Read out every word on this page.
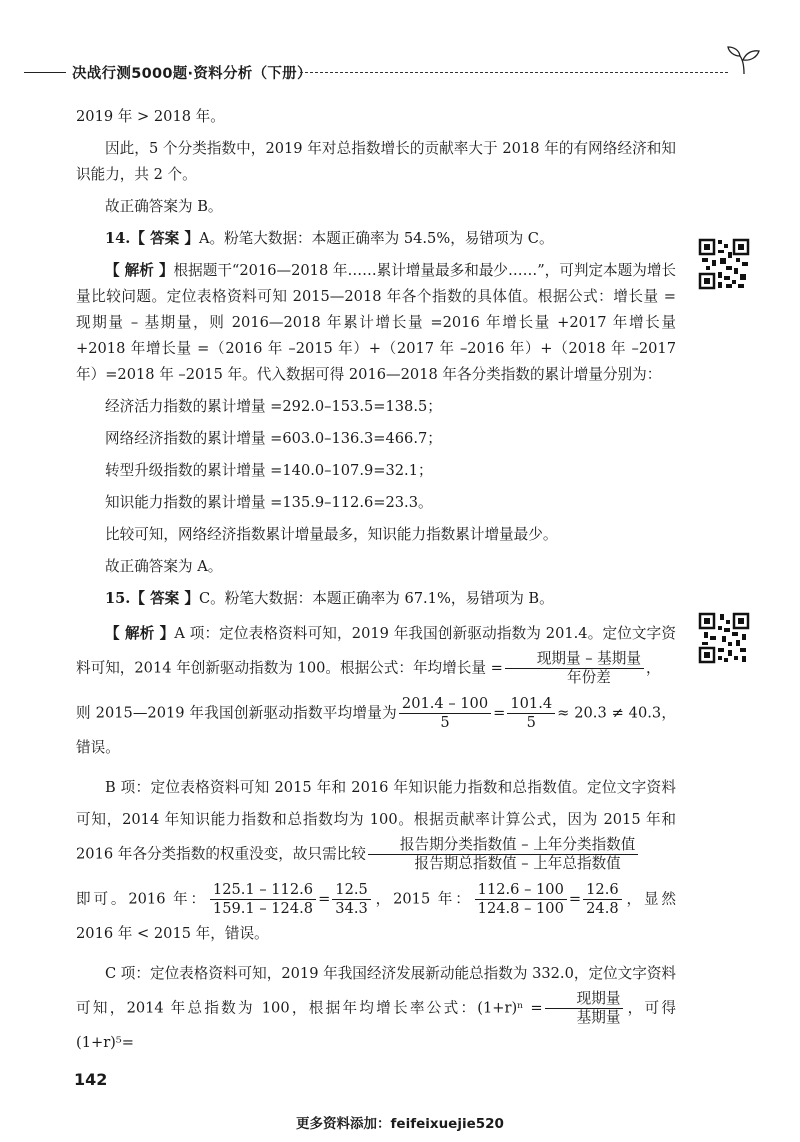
决战行测5000题·资料分析（下册）
2019 年 > 2018 年。
因此，5 个分类指数中，2019 年对总指数增长的贡献率大于 2018 年的有网络经济和知识能力，共 2 个。
故正确答案为 B。
14.【 答案 】A。粉笔大数据：本题正确率为 54.5%，易错项为 C。
【 解析 】根据题干“2016—2018 年……累计增量最多和最少……”，可判定本题为增长量比较问题。定位表格资料可知 2015—2018 年各个指数的具体值。根据公式：增长量 = 现期量 – 基期量，则 2016—2018 年累计增长量 =2016 年增长量 +2017 年增长量 +2018 年增长量 =（2016 年 –2015 年）+（2017 年 –2016 年）+（2018 年 –2017 年）=2018 年 –2015 年。代入数据可得 2016—2018 年各分类指数的累计增量分别为：
经济活力指数的累计增量 =292.0–153.5=138.5；
网络经济指数的累计增量 =603.0–136.3=466.7；
转型升级指数的累计增量 =140.0–107.9=32.1；
知识能力指数的累计增量 =135.9–112.6=23.3。
比较可知，网络经济指数累计增量最多，知识能力指数累计增量最少。
故正确答案为 A。
15.【 答案 】C。粉笔大数据：本题正确率为 67.1%，易错项为 B。
【 解析 】A 项：定位表格资料可知，2019 年我国创新驱动指数为 201.4。定位文字资料可知，2014 年创新驱动指数为 100。根据公式：年均增长量 = $\frac{\text{现期量 – 基期量}}{\text{年份差}}$ ，
则 2015—2019 年我国创新驱动指数平均增量为 $\frac{201.4 - 100}{5} = \frac{101.4}{5} \approx 20.3 \ne 40.3$，错误。
B 项：定位表格资料可知 2015 年和 2016 年知识能力指数和总指数值。定位文字资料可知，2014 年知识能力指数和总指数均为 100。根据贡献率计算公式，因为 2015 年和 2016 年各分类指数的权重没变，故只需比较 $\frac{\text{报告期分类指数值 – 上年分类指数值}}{\text{报告期总指数值 – 上年总指数值}}$
即可。2016 年： $\frac{125.1 - 112.6}{159.1 - 124.8} = \frac{12.5}{34.3}$ ，2015 年： $\frac{112.6 - 100}{124.8 - 100} = \frac{12.6}{24.8}$ ，显然 2016 年 < 2015 年，错误。
C 项：定位表格资料可知，2019 年我国经济发展新动能总指数为 332.0，定位文字资料可知，2014 年总指数为 100，根据年均增长率公式：$(1+r)^n = \frac{\text{现期量}}{\text{基期量}}$ ，可得 (1+r)⁵=
142
更多资料添加：feifeixuejie520
